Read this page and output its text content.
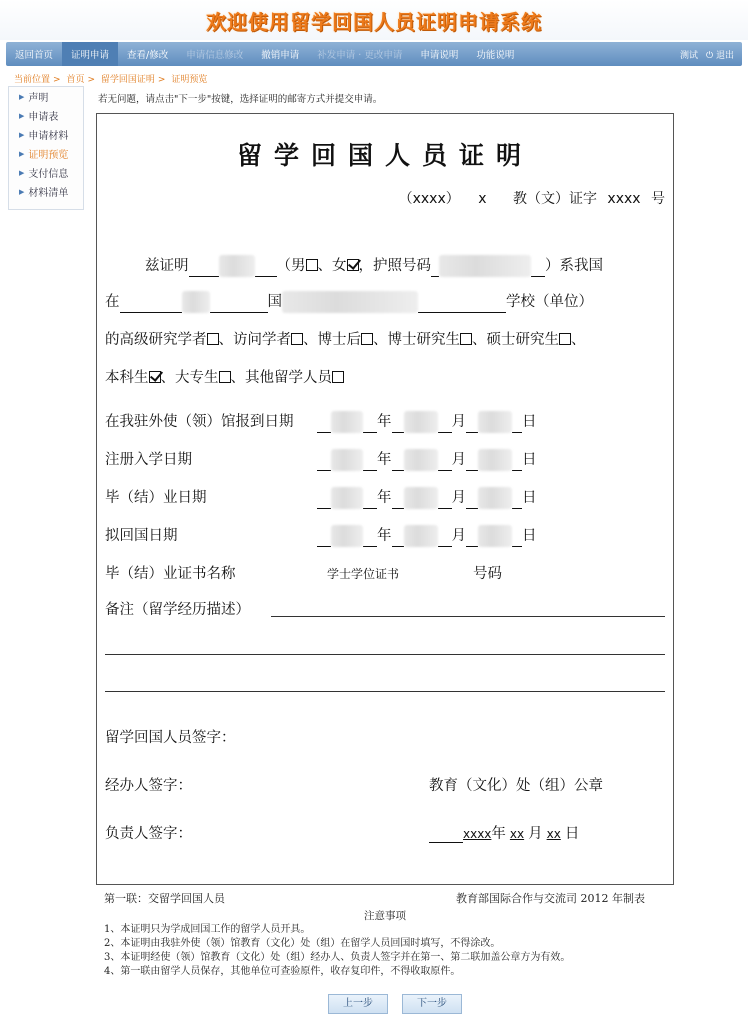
欢迎使用留学回国人员证明申请系统
返回首页	证明申请	查看/修改	申请信息修改	撤销申请	补发申请 · 更改申请	申请说明	功能说明	测试 ⏻ 退出
当前位置 > 首页 > 留学回国证明 > 证明预览
▶ 声明
▶ 申请表
▶ 申请材料
▶ 证明预览
▶ 支付信息
▶ 材料清单
若无问题，请点击"下一步"按键，选择证明的邮寄方式并提交申请。
留学回国人员证明
（xxxx） x 教（文）证字 xxxx 号
兹证明	（男 、女 ，护照号码	）系我国
在	国	学校（单位）
的高级研究学者 、访问学者 、博士后 、博士研究生 、硕士研究生 、
本科生 、大专生 、其他留学人员
在我驻外使（领）馆报到日期	年	月	日
注册入学日期	年	月	日
毕（结）业日期	年	月	日
拟回国日期	年	月	日
毕（结）业证书名称	学士学位证书	号码
备注（留学经历描述）
留学回国人员签字：
经办人签字：	教育（文化）处（组）公章
负责人签字：	xxxx年 xx 月 xx 日
第一联：交留学回国人员	教育部国际合作与交流司 2012 年制表
注意事项
1、本证明只为学成回国工作的留学人员开具。
2、本证明由我驻外使（领）馆教育（文化）处（组）在留学人员回国时填写，不得涂改。
3、本证明经使（领）馆教育（文化）处（组）经办人、负责人签字并在第一、第二联加盖公章方为有效。
4、第一联由留学人员保存，其他单位可查验原件，收存复印件，不得收取原件。
上一步	下一步
